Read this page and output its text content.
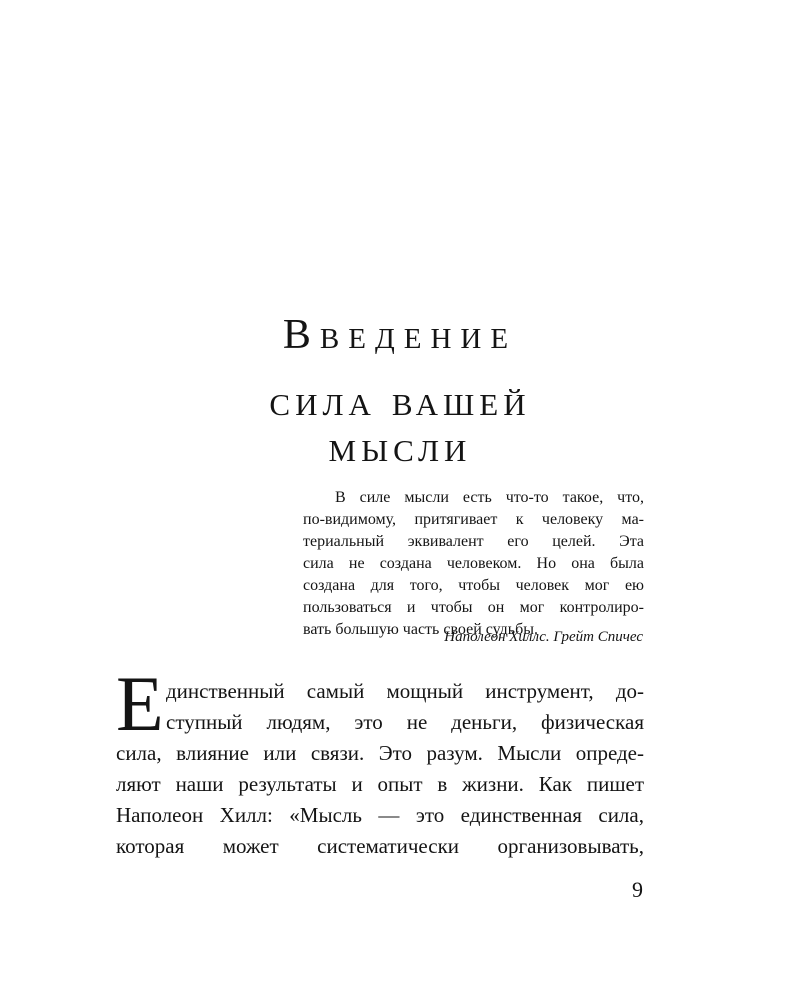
Введение
сила вашей
мысли
В силе мысли есть что-то такое, что,
по-видимому, притягивает к человеку ма-
териальный эквивалент его целей. Эта
сила не создана человеком. Но она была
создана для того, чтобы человек мог ею
пользоваться и чтобы он мог контролиро-
вать большую часть своей судьбы.
Наполеон Хиллс. Грейт Спичес
Е динственный самый мощный инструмент, до-
ступный людям, это не деньги, физическая
сила, влияние или связи. Это разум. Мысли опреде-
ляют наши результаты и опыт в жизни. Как пишет
Наполеон Хилл: «Мысль — это единственная сила,
которая может систематически организовывать,
9
